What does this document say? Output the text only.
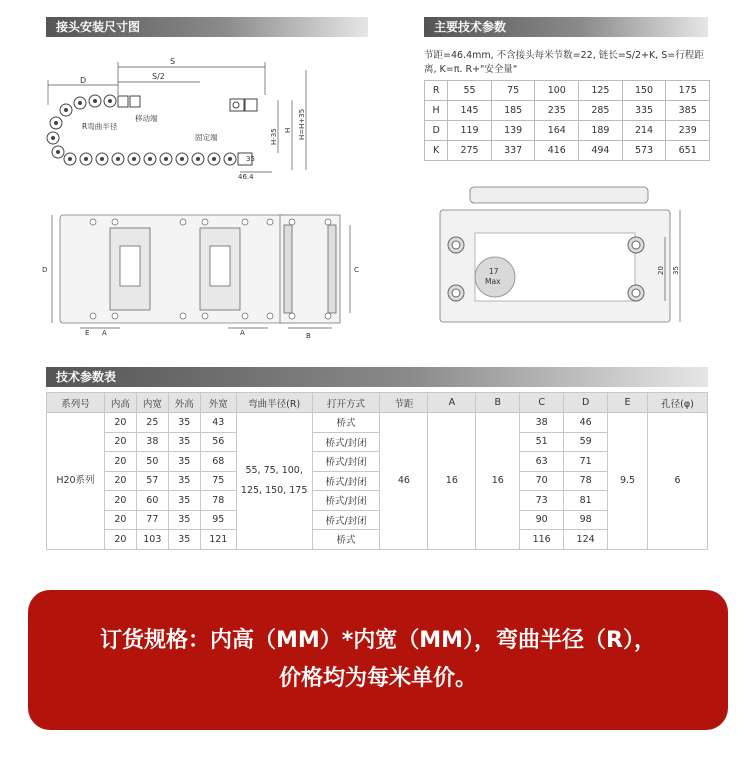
接头安装尺寸图	主要技术参数
技术参数表
S
S/2
D
R弯曲半径
移动端
固定端
35
46.4
H-35 H H=H+35
节距=46.4mm, 不含接头每米节数=22, 链长=S/2+K, S=行程距离, K=π. R+"安全量"
R	55	75	100	125	150	175
H	145	185	235	285	335	385
D	119	139	164	189	214	239
K	275	337	416	494	573	651
D
E A	A
C
B
17
Max
20 35
系列号	内高	内宽	外高	外宽	弯曲半径(R)	打开方式	节距	A	B	C	D	E	孔径(φ)
H20系列	20	25	35	43	55, 75, 100,
125, 150, 175	桥式	46	16	16	38	46	9.5	6
	20	38	35	56		桥式/封闭				51	59		
	20	50	35	68		桥式/封闭				63	71		
	20	57	35	75		桥式/封闭				70	78		
	20	60	35	78		桥式/封闭				73	81		
	20	77	35	95		桥式/封闭				90	98		
	20	103	35	121		桥式				116	124		
订货规格：内高（MM）*内宽（MM），弯曲半径（R），
价格均为每米单价。
